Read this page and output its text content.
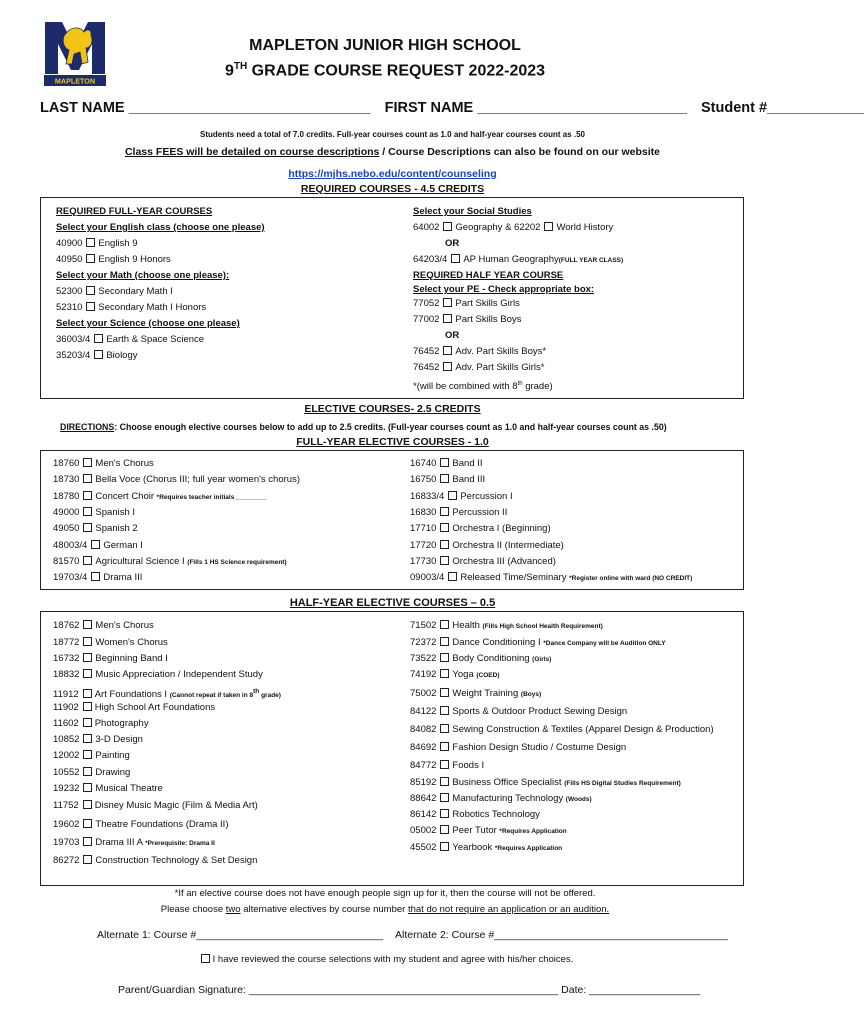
MAPLETON
MAPLETON JUNIOR HIGH SCHOOL
9TH GRADE COURSE REQUEST 2022-2023
LAST NAME ______________________________ FIRST NAME __________________________ Student #____________
Students need a total of 7.0 credits. Full-year courses count as 1.0 and half-year courses count as .50
Class FEES will be detailed on course descriptions / Course Descriptions can also be found on our website
https://mjhs.nebo.edu/content/counseling
REQUIRED COURSES - 4.5 CREDITS
REQUIRED FULL-YEAR COURSES
Select your English class (choose one please)
40900 English 9
40950 English 9 Honors
Select your Math (choose one please):
52300 Secondary Math I
52310 Secondary Math I Honors
Select your Science (choose one please)
36003/4 Earth & Space Science
35203/4 Biology
Select your Social Studies
64002 Geography & 62202 World History
OR
64203/4 AP Human Geography(FULL YEAR CLASS)
REQUIRED HALF YEAR COURSE
Select your PE - Check appropriate box:
77052 Part Skills Girls
77002 Part Skills Boys
OR
76452 Adv. Part Skills Boys*
76452 Adv. Part Skills Girls*
*(will be combined with 8th grade)
ELECTIVE COURSES- 2.5 CREDITS
DIRECTIONS: Choose enough elective courses below to add up to 2.5 credits. (Full-year courses count as 1.0 and half-year courses count as .50)
FULL-YEAR ELECTIVE COURSES - 1.0
18760 Men's Chorus
18730 Bella Voce (Chorus III; full year women's chorus)
18780 Concert Choir *Requires teacher initials_________
49000 Spanish I
49050 Spanish 2
48003/4 German I
81570 Agricultural Science I (Fills 1 HS Science requirement)
19703/4 Drama III
16740 Band II
16750 Band III
16833/4 Percussion I
16830 Percussion II
17710 Orchestra I (Beginning)
17720 Orchestra II (Intermediate)
17730 Orchestra III (Advanced)
09003/4 Released Time/Seminary *Register online with ward (NO CREDIT)
HALF-YEAR ELECTIVE COURSES – 0.5
18762 Men's Chorus
18772 Women's Chorus
16732 Beginning Band I
18832 Music Appreciation / Independent Study
11912 Art Foundations I (Cannot repeat if taken in 8th grade)
11902 High School Art Foundations
11602 Photography
10852 3-D Design
12002 Painting
10552 Drawing
19232 Musical Theatre
11752 Disney Music Magic (Film & Media Art)
19602 Theatre Foundations (Drama II)
19703 Drama III A *Prerequisite: Drama II
86272 Construction Technology & Set Design
71502 Health (Fills High School Health Requirement)
72372 Dance Conditioning I *Dance Company will be Audition ONLY
73522 Body Conditioning (Girls)
74192 Yoga (COED)
75002 Weight Training (Boys)
84122 Sports & Outdoor Product Sewing Design
84082 Sewing Construction & Textiles (Apparel Design & Production)
84692 Fashion Design Studio / Costume Design
84772 Foods I
85192 Business Office Specialist (Fills HS Digital Studies Requirement)
88642 Manufacturing Technology (Woods)
86142 Robotics Technology
05002 Peer Tutor *Requires Application
45502 Yearbook *Requires Application
*If an elective course does not have enough people sign up for it, then the course will not be offered.
Please choose two alternative electives by course number that do not require an application or an audition.
Alternate 1: Course #________________________________ Alternate 2: Course #________________________________________
I have reviewed the course selections with my student and agree with his/her choices.
Parent/Guardian Signature: _____________________________________________________ Date: ___________________
